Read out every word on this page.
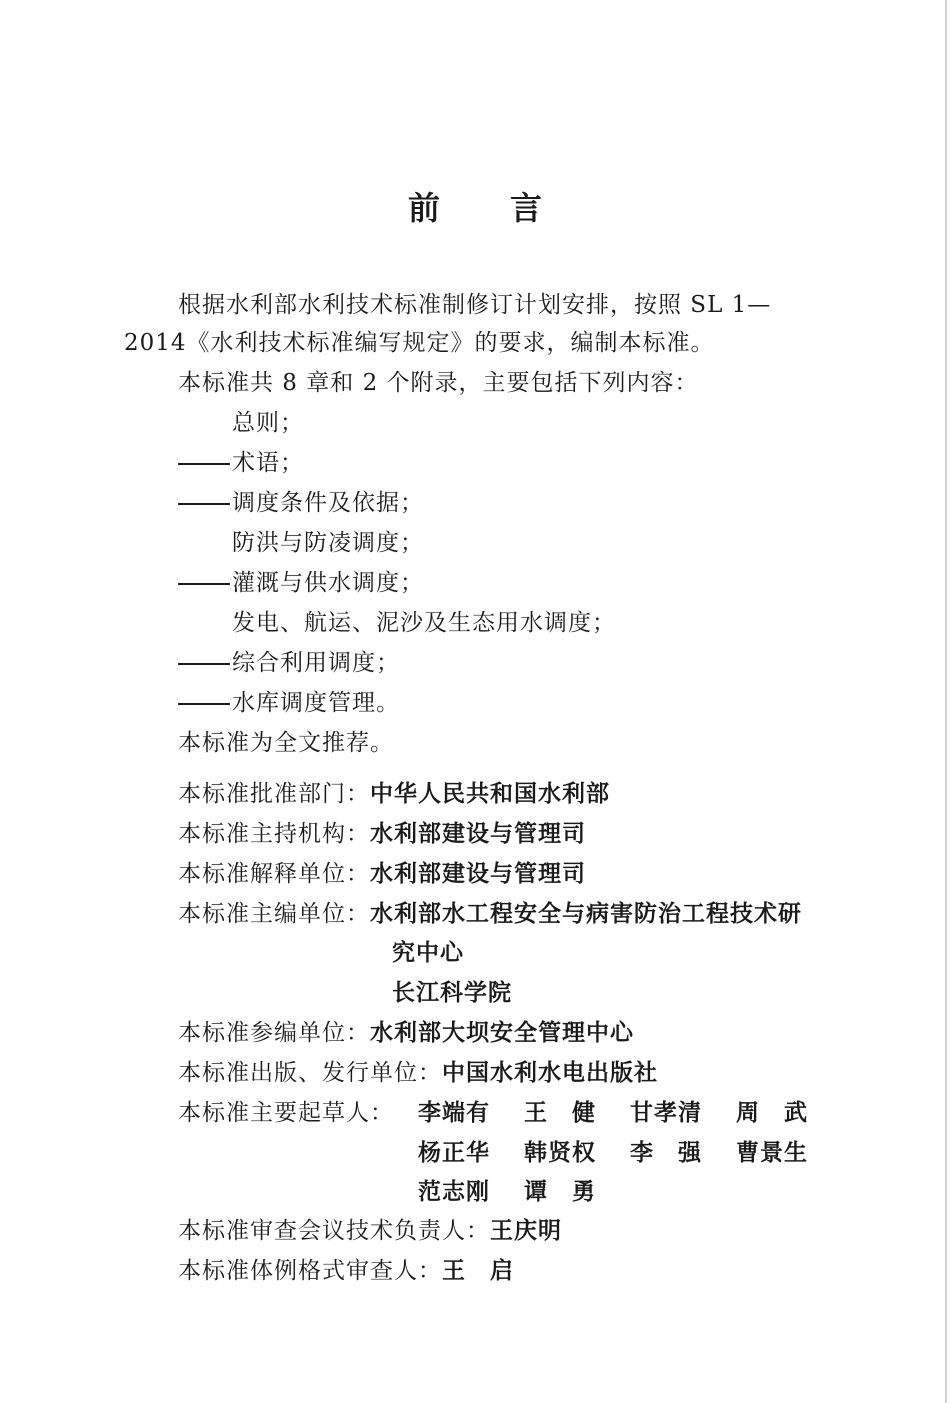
前言
根据水利部水利技术标准制修订计划安排，按照 SL 1—
2014《水利技术标准编写规定》的要求，编制本标准。
本标准共 8 章和 2 个附录，主要包括下列内容：
总则；
术语；
调度条件及依据；
防洪与防凌调度；
灌溉与供水调度；
发电、航运、泥沙及生态用水调度；
综合利用调度；
水库调度管理。
本标准为全文推荐。
本标准批准部门：中华人民共和国水利部
本标准主持机构：水利部建设与管理司
本标准解释单位：水利部建设与管理司
本标准主编单位：水利部水工程安全与病害防治工程技术研
究中心
长江科学院
本标准参编单位：水利部大坝安全管理中心
本标准出版、发行单位：中国水利水电出版社
本标准主要起草人： 李端有 王　健 甘孝清 周　武
杨正华 韩贤权 李　强 曹景生
范志刚 谭　勇
本标准审查会议技术负责人：王庆明
本标准体例格式审查人：王　启
